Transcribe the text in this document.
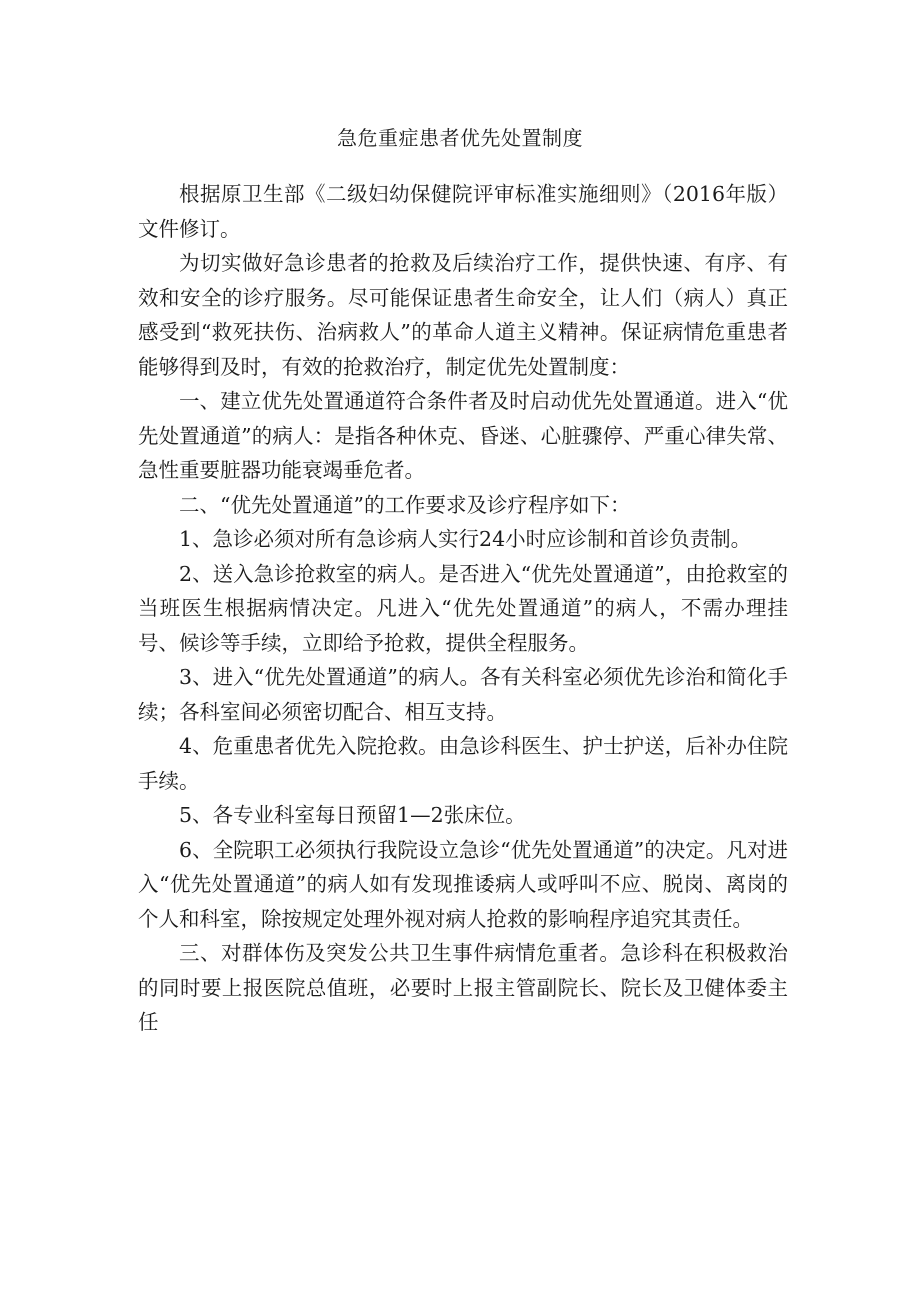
急危重症患者优先处置制度

根据原卫生部《二级妇幼保健院评审标准实施细则》（2016年版）文件修订。

为切实做好急诊患者的抢救及后续治疗工作，提供快速、有序、有效和安全的诊疗服务。尽可能保证患者生命安全，让人们（病人）真正感受到“救死扶伤、治病救人”的革命人道主义精神。保证病情危重患者能够得到及时，有效的抢救治疗，制定优先处置制度：

一、建立优先处置通道符合条件者及时启动优先处置通道。进入“优先处置通道”的病人：是指各种休克、昏迷、心脏骤停、严重心律失常、急性重要脏器功能衰竭垂危者。

二、“优先处置通道”的工作要求及诊疗程序如下：

1、急诊必须对所有急诊病人实行24小时应诊制和首诊负责制。

2、送入急诊抢救室的病人。是否进入“优先处置通道”，由抢救室的当班医生根据病情决定。凡进入“优先处置通道”的病人，不需办理挂号、候诊等手续，立即给予抢救，提供全程服务。

3、进入“优先处置通道”的病人。各有关科室必须优先诊治和简化手续；各科室间必须密切配合、相互支持。

4、危重患者优先入院抢救。由急诊科医生、护士护送，后补办住院手续。

5、各专业科室每日预留1—2张床位。

6、全院职工必须执行我院设立急诊“优先处置通道”的决定。凡对进入“优先处置通道”的病人如有发现推诿病人或呼叫不应、脱岗、离岗的个人和科室，除按规定处理外视对病人抢救的影响程序追究其责任。

三、对群体伤及突发公共卫生事件病情危重者。急诊科在积极救治的同时要上报医院总值班，必要时上报主管副院长、院长及卫健体委主任
